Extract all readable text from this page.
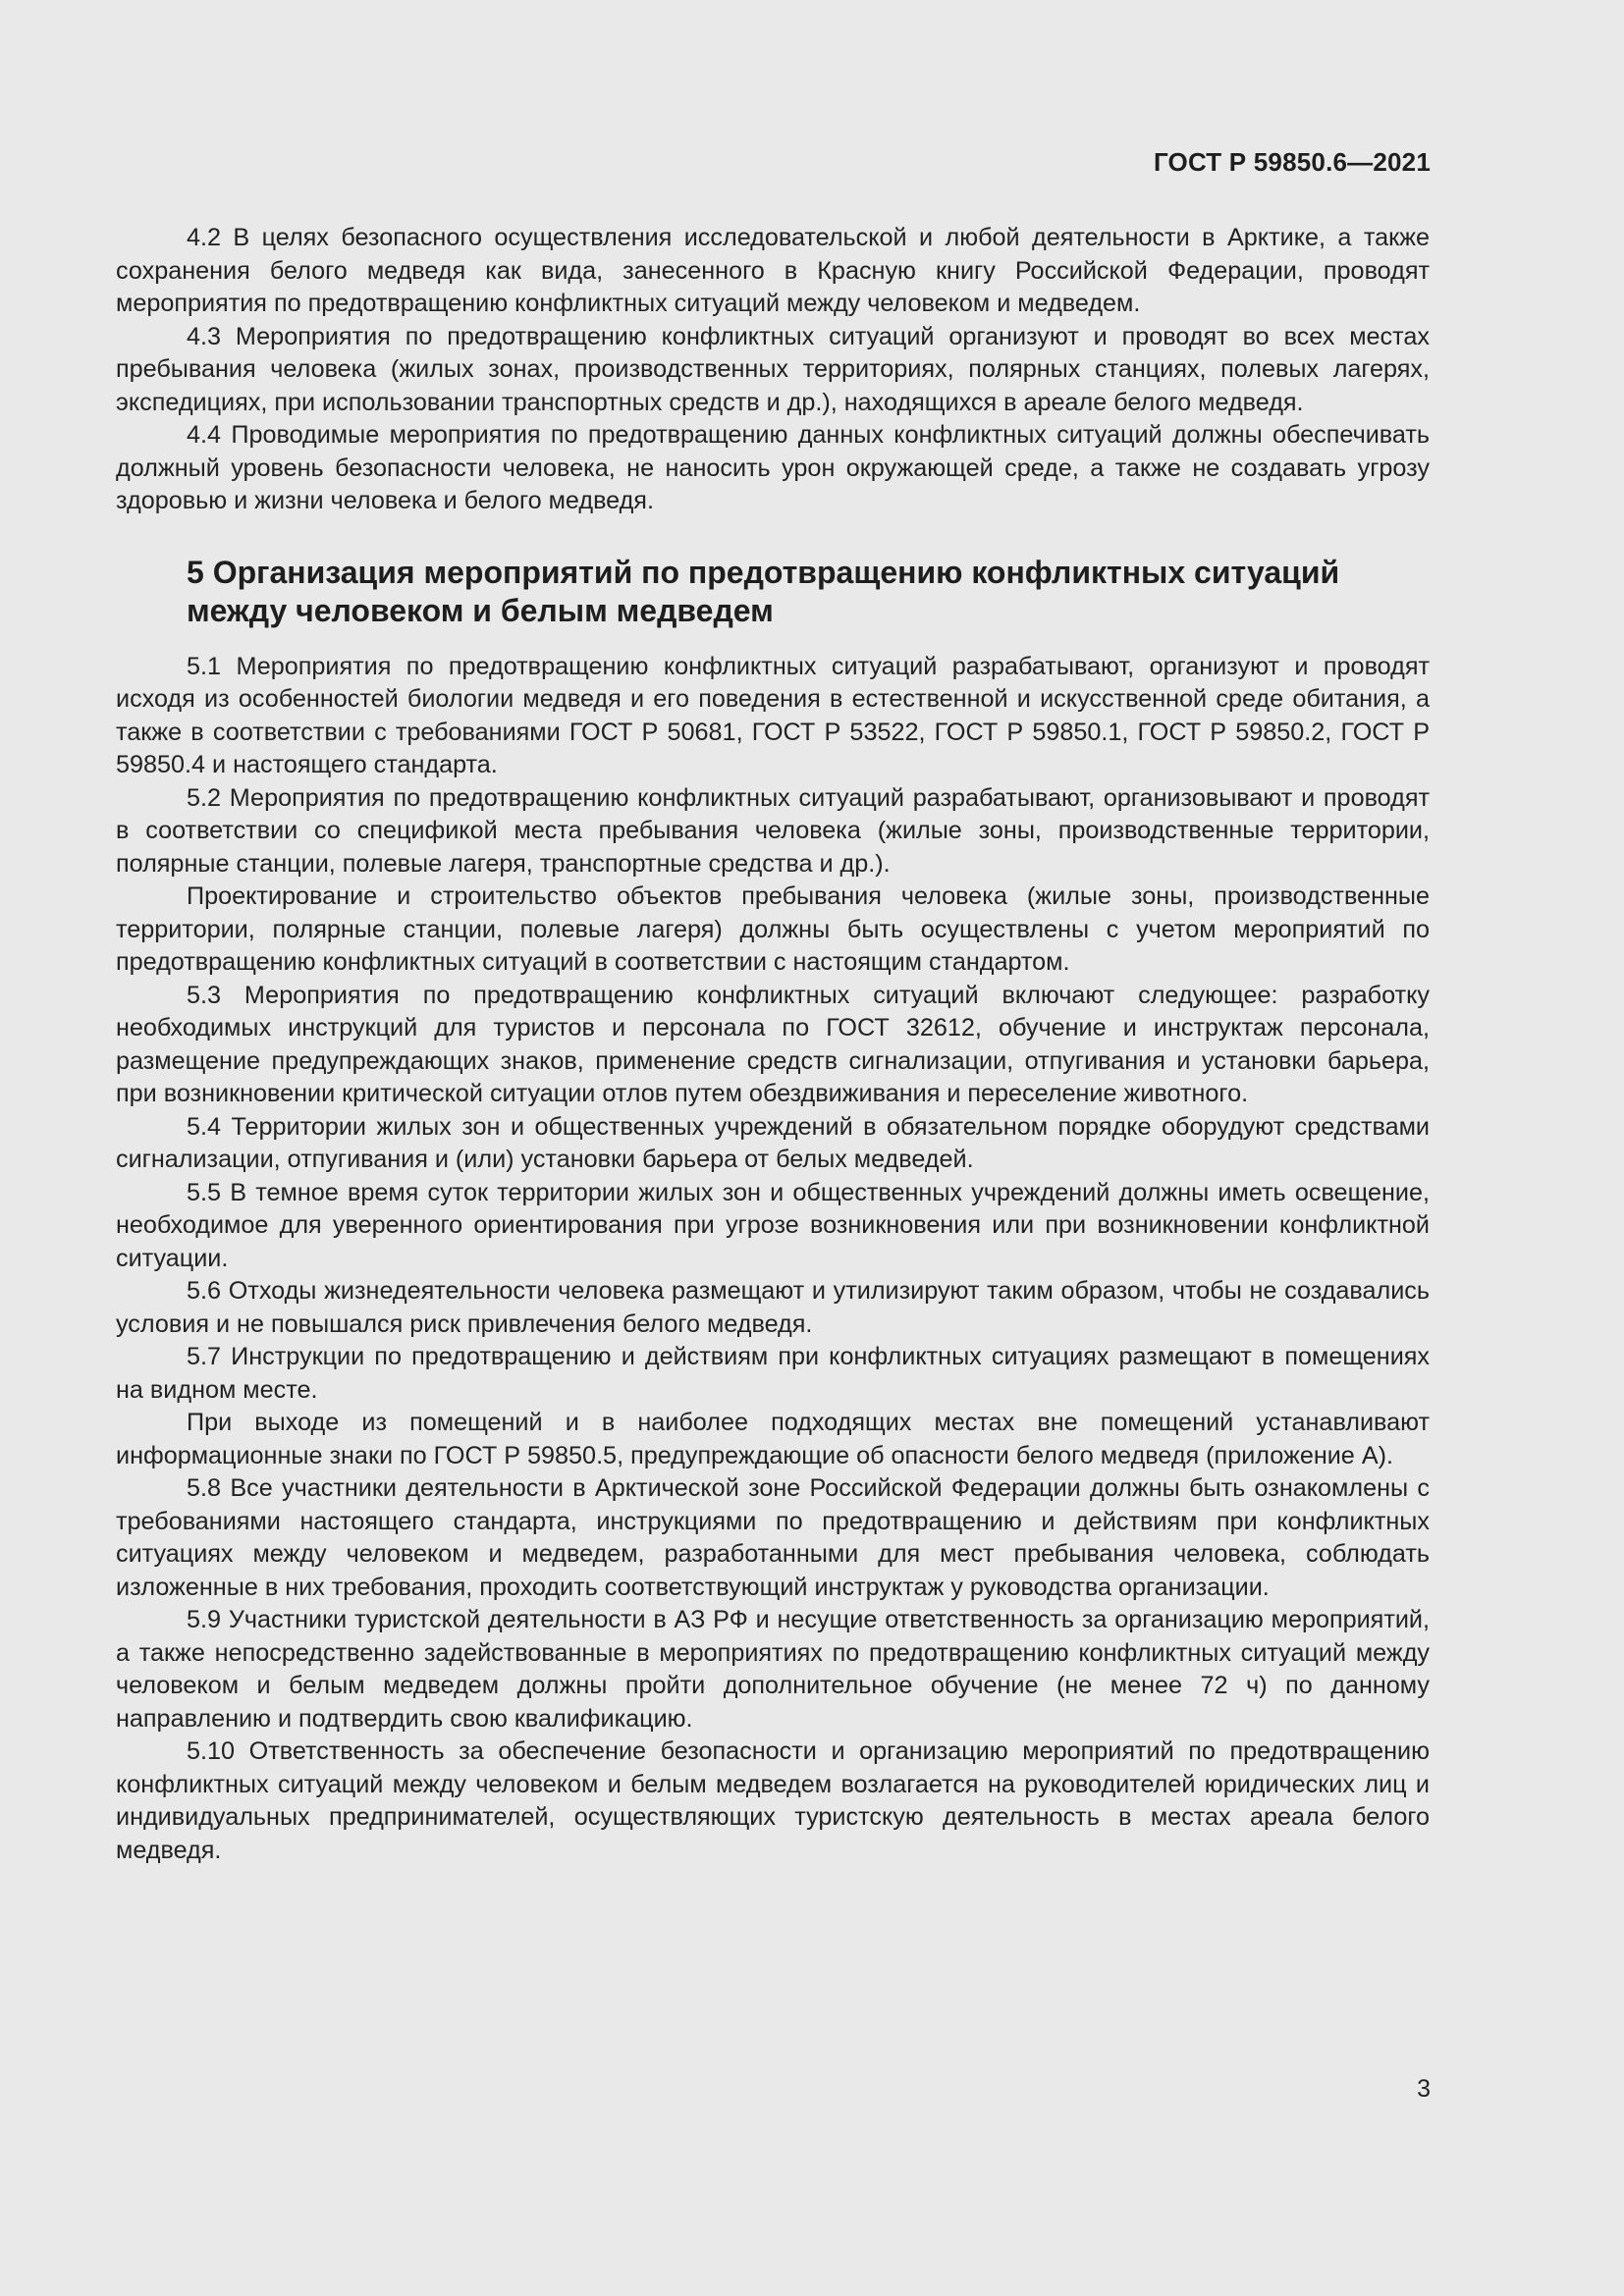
ГОСТ Р 59850.6—2021

4.2 В целях безопасного осуществления исследовательской и любой деятельности в Арктике, а также сохранения белого медведя как вида, занесенного в Красную книгу Российской Федерации, проводят мероприятия по предотвращению конфликтных ситуаций между человеком и медведем.

4.3 Мероприятия по предотвращению конфликтных ситуаций организуют и проводят во всех местах пребывания человека (жилых зонах, производственных территориях, полярных станциях, полевых лагерях, экспедициях, при использовании транспортных средств и др.), находящихся в ареале белого медведя.

4.4 Проводимые мероприятия по предотвращению данных конфликтных ситуаций должны обеспечивать должный уровень безопасности человека, не наносить урон окружающей среде, а также не создавать угрозу здоровью и жизни человека и белого медведя.

5 Организация мероприятий по предотвращению конфликтных ситуаций между человеком и белым медведем

5.1 Мероприятия по предотвращению конфликтных ситуаций разрабатывают, организуют и проводят исходя из особенностей биологии медведя и его поведения в естественной и искусственной среде обитания, а также в соответствии с требованиями ГОСТ Р 50681, ГОСТ Р 53522, ГОСТ Р 59850.1, ГОСТ Р 59850.2, ГОСТ Р 59850.4 и настоящего стандарта.

5.2 Мероприятия по предотвращению конфликтных ситуаций разрабатывают, организовывают и проводят в соответствии со спецификой места пребывания человека (жилые зоны, производственные территории, полярные станции, полевые лагеря, транспортные средства и др.).

Проектирование и строительство объектов пребывания человека (жилые зоны, производственные территории, полярные станции, полевые лагеря) должны быть осуществлены с учетом мероприятий по предотвращению конфликтных ситуаций в соответствии с настоящим стандартом.

5.3 Мероприятия по предотвращению конфликтных ситуаций включают следующее: разработку необходимых инструкций для туристов и персонала по ГОСТ 32612, обучение и инструктаж персонала, размещение предупреждающих знаков, применение средств сигнализации, отпугивания и установки барьера, при возникновении критической ситуации отлов путем обездвиживания и переселение животного.

5.4 Территории жилых зон и общественных учреждений в обязательном порядке оборудуют средствами сигнализации, отпугивания и (или) установки барьера от белых медведей.

5.5 В темное время суток территории жилых зон и общественных учреждений должны иметь освещение, необходимое для уверенного ориентирования при угрозе возникновения или при возникновении конфликтной ситуации.

5.6 Отходы жизнедеятельности человека размещают и утилизируют таким образом, чтобы не создавались условия и не повышался риск привлечения белого медведя.

5.7 Инструкции по предотвращению и действиям при конфликтных ситуациях размещают в помещениях на видном месте.

При выходе из помещений и в наиболее подходящих местах вне помещений устанавливают информационные знаки по ГОСТ Р 59850.5, предупреждающие об опасности белого медведя (приложение А).

5.8 Все участники деятельности в Арктической зоне Российской Федерации должны быть ознакомлены с требованиями настоящего стандарта, инструкциями по предотвращению и действиям при конфликтных ситуациях между человеком и медведем, разработанными для мест пребывания человека, соблюдать изложенные в них требования, проходить соответствующий инструктаж у руководства организации.

5.9 Участники туристской деятельности в АЗ РФ и несущие ответственность за организацию мероприятий, а также непосредственно задействованные в мероприятиях по предотвращению конфликтных ситуаций между человеком и белым медведем должны пройти дополнительное обучение (не менее 72 ч) по данному направлению и подтвердить свою квалификацию.

5.10 Ответственность за обеспечение безопасности и организацию мероприятий по предотвращению конфликтных ситуаций между человеком и белым медведем возлагается на руководителей юридических лиц и индивидуальных предпринимателей, осуществляющих туристскую деятельность в местах ареала белого медведя.

3
